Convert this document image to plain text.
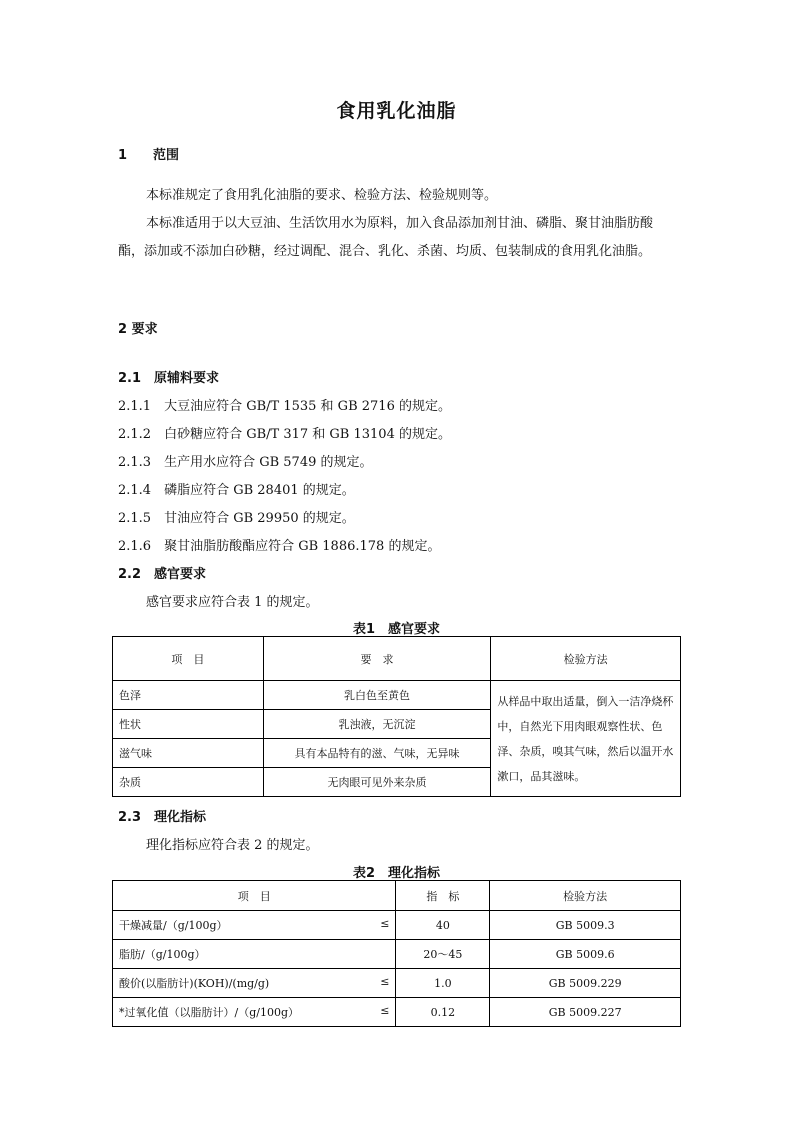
食用乳化油脂
1　　范围
本标准规定了食用乳化油脂的要求、检验方法、检验规则等。
本标准适用于以大豆油、生活饮用水为原料，加入食品添加剂甘油、磷脂、聚甘油脂肪酸酯，添加或不添加白砂糖，经过调配、混合、乳化、杀菌、均质、包装制成的食用乳化油脂。
2 要求
2.1　原辅料要求
2.1.1　大豆油应符合 GB/T 1535 和 GB 2716 的规定。
2.1.2　白砂糖应符合 GB/T 317 和 GB 13104 的规定。
2.1.3　生产用水应符合 GB 5749 的规定。
2.1.4　磷脂应符合 GB 28401 的规定。
2.1.5　甘油应符合 GB 29950 的规定。
2.1.6　聚甘油脂肪酸酯应符合 GB 1886.178 的规定。
2.2　感官要求
感官要求应符合表 1 的规定。
表1　感官要求
项　目	要　求	检验方法
色泽	乳白色至黄色	从样品中取出适量，倒入一洁净烧杯中，自然光下用肉眼观察性状、色泽、杂质，嗅其气味，然后以温开水漱口，品其滋味。
性状	乳浊液，无沉淀	
滋气味	具有本品特有的滋、气味，无异味	
杂质	无肉眼可见外来杂质	
2.3　理化指标
理化指标应符合表 2 的规定。
表2　理化指标
项　目	指　标	检验方法

干燥减量/（g/100g） ≤	40	GB 5009.3

脂肪/（g/100g）	20～45	GB 5009.6

酸价(以脂肪计)(KOH)/(mg/g) ≤	1.0	GB 5009.229

*过氧化值（以脂肪计）/（g/100g） ≤	0.12	GB 5009.227
